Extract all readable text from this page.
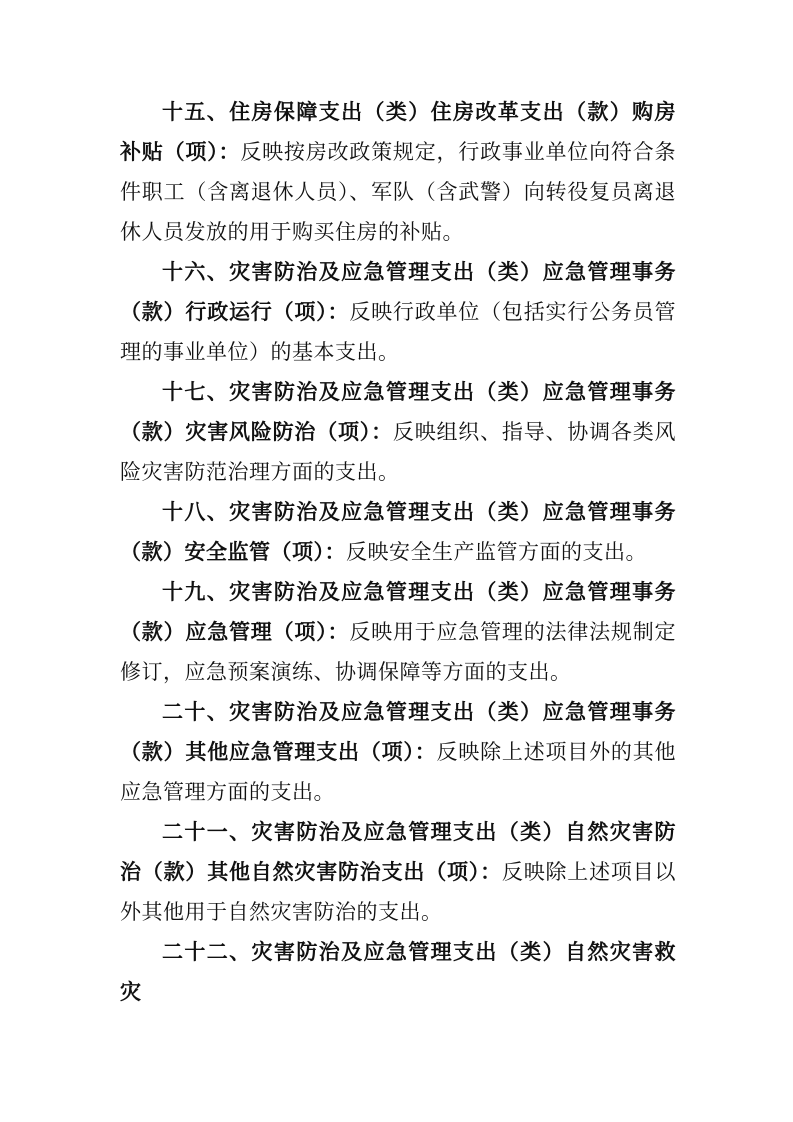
十五、住房保障支出（类）住房改革支出（款）购房补贴（项）：反映按房改政策规定，行政事业单位向符合条件职工（含离退休人员）、军队（含武警）向转役复员离退休人员发放的用于购买住房的补贴。

十六、灾害防治及应急管理支出（类）应急管理事务（款）行政运行（项）：反映行政单位（包括实行公务员管理的事业单位）的基本支出。

十七、灾害防治及应急管理支出（类）应急管理事务（款）灾害风险防治（项）：反映组织、指导、协调各类风险灾害防范治理方面的支出。

十八、灾害防治及应急管理支出（类）应急管理事务（款）安全监管（项）：反映安全生产监管方面的支出。

十九、灾害防治及应急管理支出（类）应急管理事务（款）应急管理（项）：反映用于应急管理的法律法规制定修订，应急预案演练、协调保障等方面的支出。

二十、灾害防治及应急管理支出（类）应急管理事务（款）其他应急管理支出（项）：反映除上述项目外的其他应急管理方面的支出。

二十一、灾害防治及应急管理支出（类）自然灾害防治（款）其他自然灾害防治支出（项）：反映除上述项目以外其他用于自然灾害防治的支出。

二十二、灾害防治及应急管理支出（类）自然灾害救灾
